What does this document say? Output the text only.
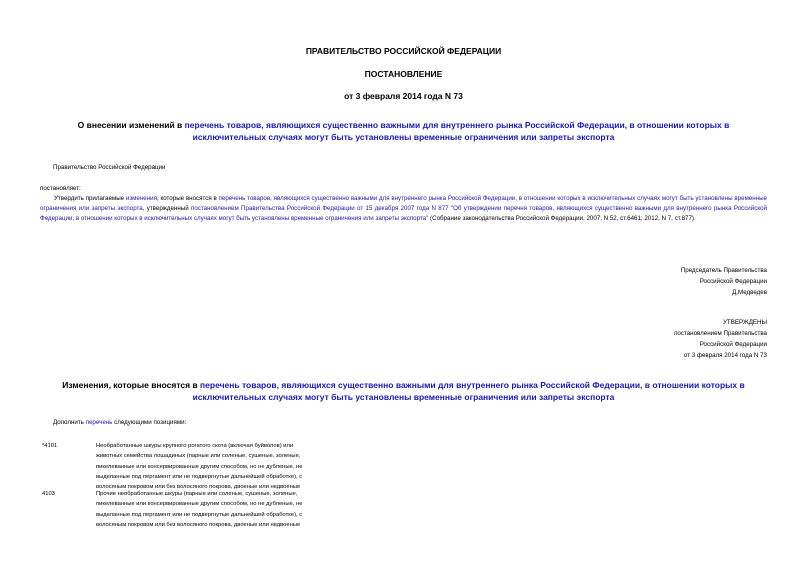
ПРАВИТЕЛЬСТВО РОССИЙСКОЙ ФЕДЕРАЦИИ
ПОСТАНОВЛЕНИЕ
от 3 февраля 2014 года N 73
О внесении изменений в перечень товаров, являющихся существенно важными для внутреннего рынка Российской Федерации, в отношении которых в исключительных случаях могут быть установлены временные ограничения или запреты экспорта
Правительство Российской Федерации
постановляет:
Утвердить прилагаемые изменения, которые вносятся в перечень товаров, являющихся существенно важными для внутреннего рынка Российской Федерации, в отношении которых в исключительных случаях могут быть установлены временные ограничения или запреты экспорта, утвержденный постановлением Правительства Российской Федерации от 15 декабря 2007 года N 877 "Об утверждении перечня товаров, являющихся существенно важными для внутреннего рынка Российской Федерации, в отношении которых в исключительных случаях могут быть установлены временные ограничения или запреты экспорта" (Собрание законодательства Российской Федерации, 2007, N 52, ст.6461; 2012, N 7, ст.877).
Председатель Правительства
Российской Федерации
Д.Медведев
УТВЕРЖДЕНЫ
постановлением Правительства
Российской Федерации
от 3 февраля 2014 года N 73
Изменения, которые вносятся в перечень товаров, являющихся существенно важными для внутреннего рынка Российской Федерации, в отношении которых в исключительных случаях могут быть установлены временные ограничения или запреты экспорта
Дополнить перечень следующими позициями:
*4101	Необработанные шкуры крупного рогатого скота (включая буйволов) или
животных семейства лошадиных (парные или соленые, сушеные, золеные,
пикелеванные или консервированные другим способом, но не дубленые, не
выделанные под пергамент или не подвергнутые дальнейшей обработке), с
волосяным покровом или без волосяного покрова, двоеные или недвоеные
4103	Прочие необработанные шкуры (парные или соленые, сушеные, золеные,
пикелеванные или консервированные другим способом, но не дубленые, не
выделанные под пергамент или не подвергнутые дальнейшей обработке), с
волосяным покровом или без волосяного покрова, двоеные или недвоеные
